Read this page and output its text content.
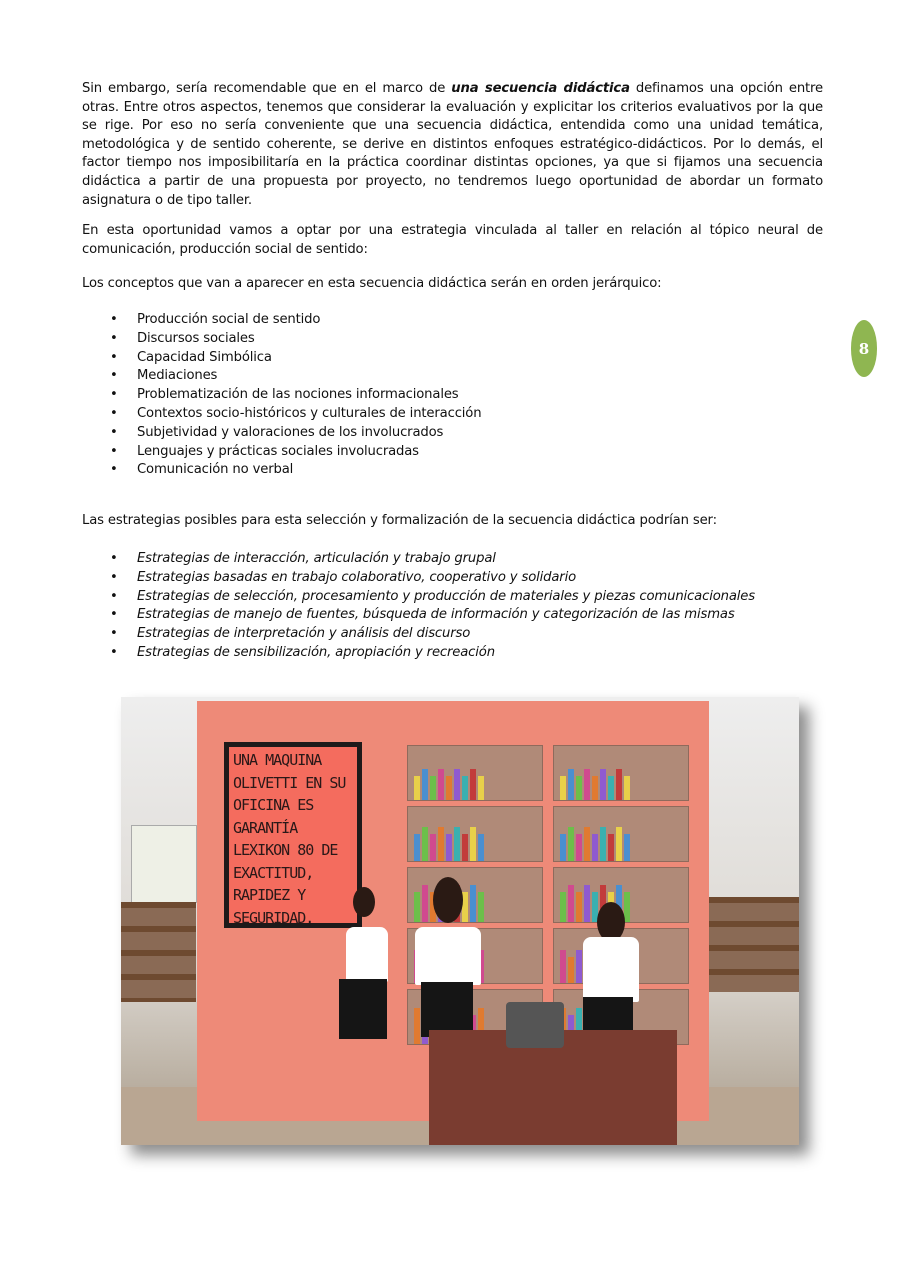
Sin embargo, sería recomendable que en el marco de una secuencia didáctica definamos una opción entre otras. Entre otros aspectos, tenemos que considerar la evaluación y explicitar los criterios evaluativos por la que se rige. Por eso no sería conveniente que una secuencia didáctica, entendida como una unidad temática, metodológica y de sentido coherente, se derive en distintos enfoques estratégico-didácticos. Por lo demás, el factor tiempo nos imposibilitaría en la práctica coordinar distintas opciones, ya que si fijamos una secuencia didáctica a partir de una propuesta por proyecto, no tendremos luego oportunidad de abordar un formato asignatura o de tipo taller.
En esta oportunidad vamos a optar por una estrategia vinculada al taller en relación al tópico neural de comunicación, producción social de sentido:
Los conceptos que van a aparecer en esta secuencia didáctica serán en orden jerárquico:
• Producción social de sentido
• Discursos sociales
• Capacidad Simbólica
• Mediaciones
• Problematización de las nociones informacionales
• Contextos socio-históricos y culturales de interacción
• Subjetividad y valoraciones de los involucrados
• Lenguajes y prácticas sociales involucradas
• Comunicación no verbal
Las estrategias posibles para esta selección y formalización de la secuencia didáctica podrían ser:
• Estrategias de interacción, articulación y trabajo grupal
• Estrategias basadas en trabajo colaborativo, cooperativo y solidario
• Estrategias de selección, procesamiento y producción de materiales y piezas comunicacionales
• Estrategias de manejo de fuentes, búsqueda de información y categorización de las mismas
• Estrategias de interpretación y análisis del discurso
• Estrategias de sensibilización, apropiación y recreación
8
UNA MAQUINA OLIVETTI EN SU OFICINA ES GARANTÍA LEXIKON 80 DE EXACTITUD, RAPIDEZ Y SEGURIDAD.
